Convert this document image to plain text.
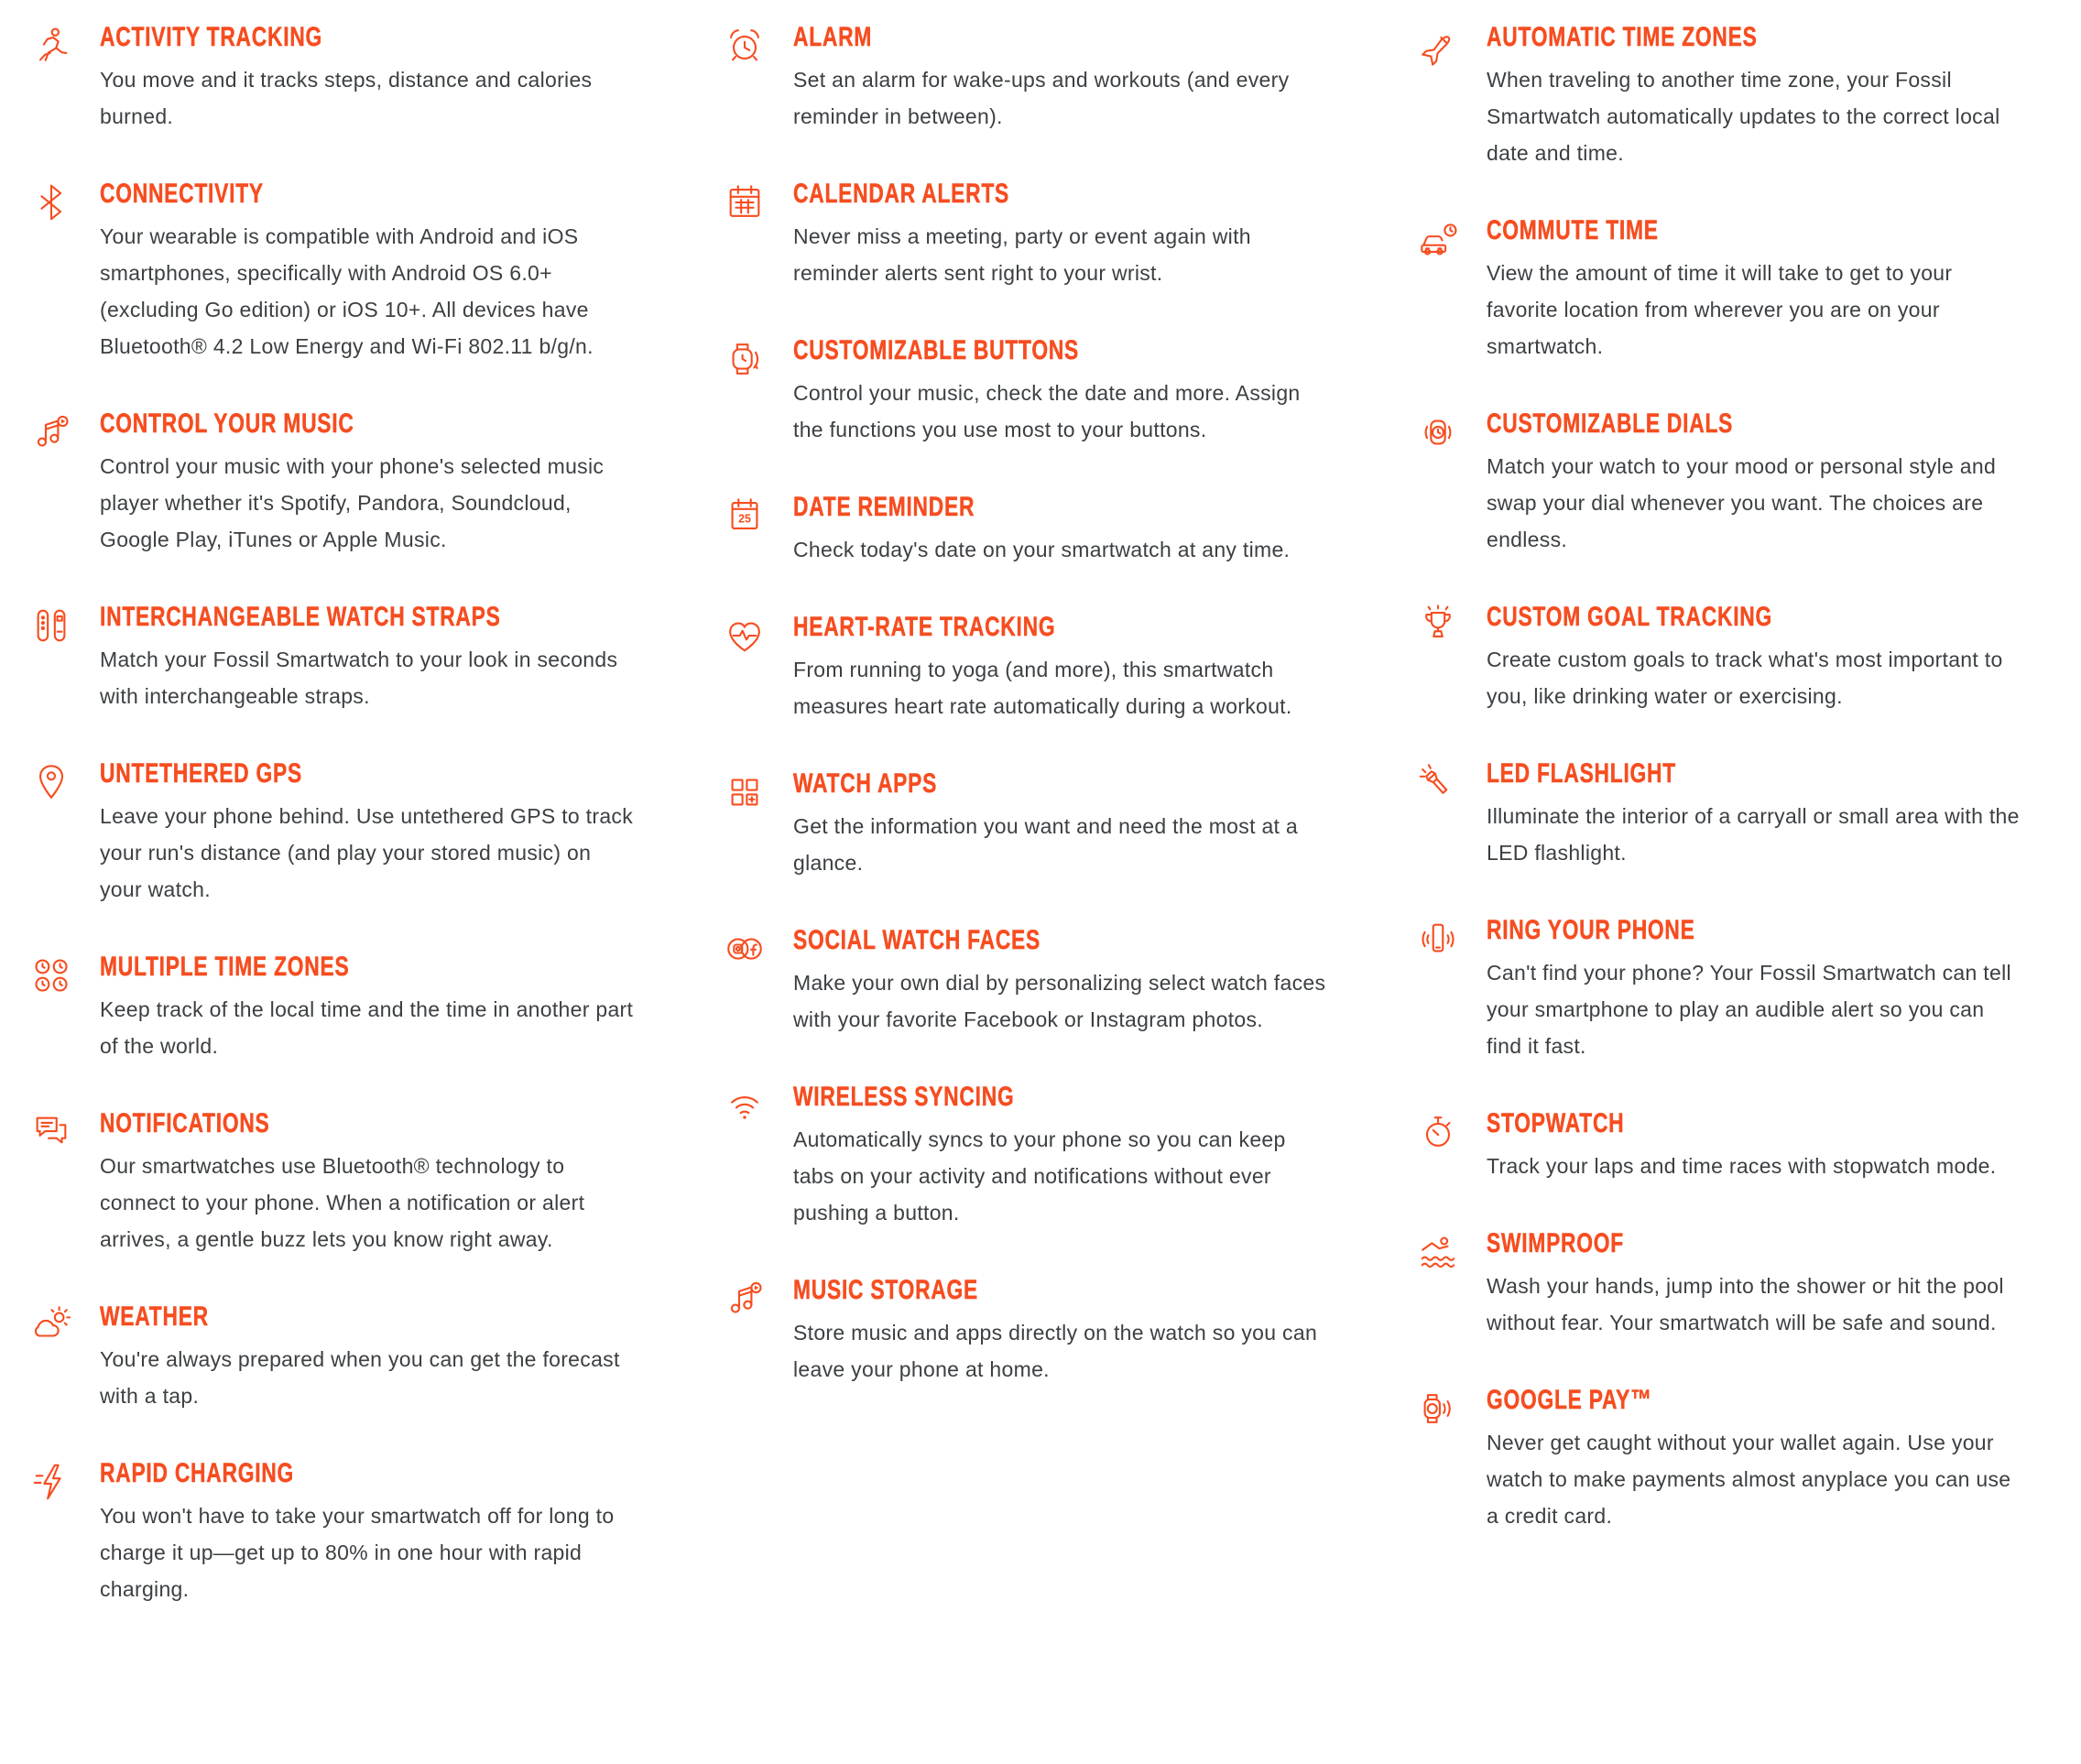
ACTIVITY TRACKING

You move and it tracks steps, distance and calories burned.

CONNECTIVITY

Your wearable is compatible with Android and iOS smartphones, specifically with Android OS 6.0+ (excluding Go edition) or iOS 10+. All devices have Bluetooth® 4.2 Low Energy and Wi-Fi 802.11 b/g/n.

CONTROL YOUR MUSIC

Control your music with your phone's selected music player whether it's Spotify, Pandora, Soundcloud, Google Play, iTunes or Apple Music.

INTERCHANGEABLE WATCH STRAPS

Match your Fossil Smartwatch to your look in seconds with interchangeable straps.

UNTETHERED GPS

Leave your phone behind. Use untethered GPS to track your run's distance (and play your stored music) on your watch.

MULTIPLE TIME ZONES

Keep track of the local time and the time in another part of the world.

NOTIFICATIONS

Our smartwatches use Bluetooth® technology to connect to your phone. When a notification or alert arrives, a gentle buzz lets you know right away.

WEATHER

You're always prepared when you can get the forecast with a tap.

RAPID CHARGING

You won't have to take your smartwatch off for long to charge it up—get up to 80% in one hour with rapid charging.

ALARM

Set an alarm for wake-ups and workouts (and every reminder in between).

CALENDAR ALERTS

Never miss a meeting, party or event again with reminder alerts sent right to your wrist.

CUSTOMIZABLE BUTTONS

Control your music, check the date and more. Assign the functions you use most to your buttons.

25 DATE REMINDER

Check today's date on your smartwatch at any time.

HEART-RATE TRACKING

From running to yoga (and more), this smartwatch measures heart rate automatically during a workout.

WATCH APPS

Get the information you want and need the most at a glance.

SOCIAL WATCH FACES

Make your own dial by personalizing select watch faces with your favorite Facebook or Instagram photos.

WIRELESS SYNCING

Automatically syncs to your phone so you can keep tabs on your activity and notifications without ever pushing a button.

MUSIC STORAGE

Store music and apps directly on the watch so you can leave your phone at home.

AUTOMATIC TIME ZONES

When traveling to another time zone, your Fossil Smartwatch automatically updates to the correct local date and time.

COMMUTE TIME

View the amount of time it will take to get to your favorite location from wherever you are on your smartwatch.

CUSTOMIZABLE DIALS

Match your watch to your mood or personal style and swap your dial whenever you want. The choices are endless.

CUSTOM GOAL TRACKING

Create custom goals to track what's most important to you, like drinking water or exercising.

LED FLASHLIGHT

Illuminate the interior of a carryall or small area with the LED flashlight.

RING YOUR PHONE

Can't find your phone? Your Fossil Smartwatch can tell your smartphone to play an audible alert so you can find it fast.

STOPWATCH

Track your laps and time races with stopwatch mode.

SWIMPROOF

Wash your hands, jump into the shower or hit the pool without fear. Your smartwatch will be safe and sound.

GOOGLE PAY™

Never get caught without your wallet again. Use your watch to make payments almost anyplace you can use a credit card.
